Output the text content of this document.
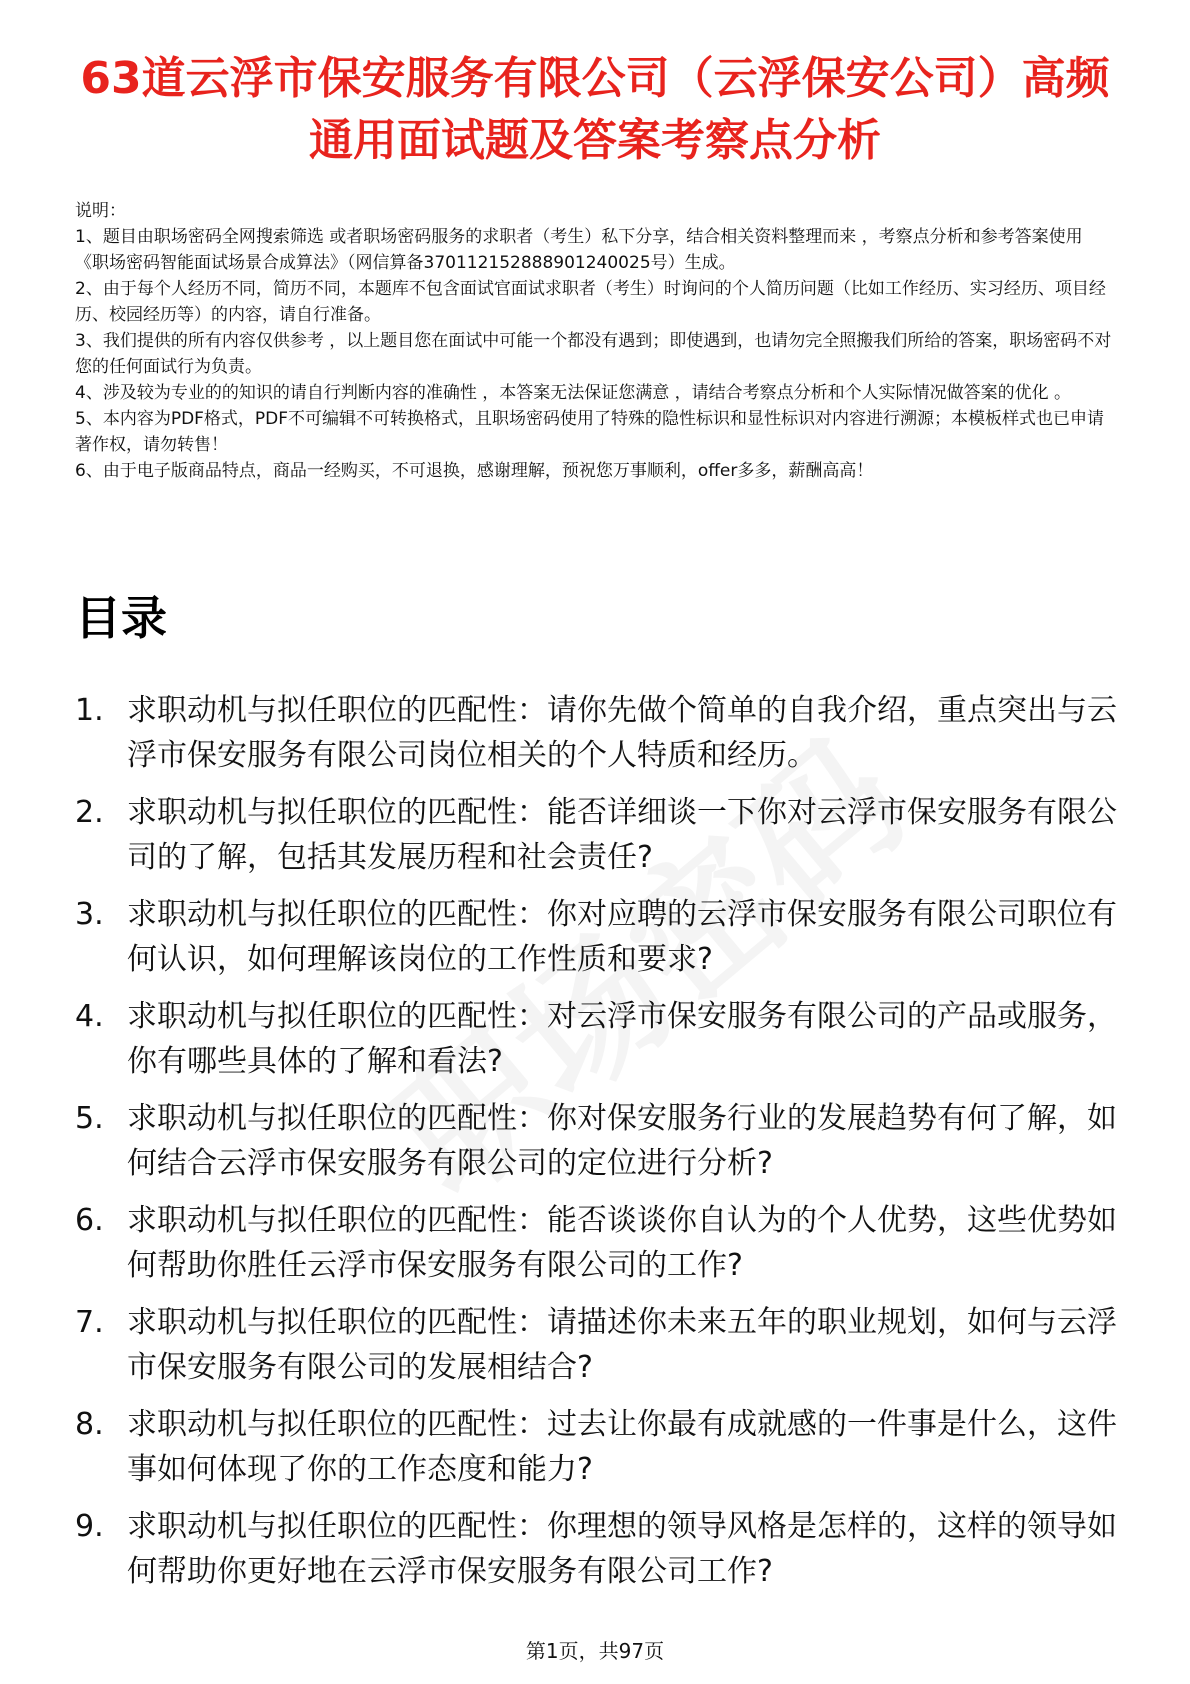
63道云浮市保安服务有限公司（云浮保安公司）高频通用面试题及答案考察点分析

说明：

1、题目由职场密码全网搜索筛选 或者职场密码服务的求职者（考生）私下分享，结合相关资料整理而来 ，考察点分析和参考答案使用《职场密码智能面试场景合成算法》（网信算备370112152888901240025号）生成。

2、由于每个人经历不同，简历不同，本题库不包含面试官面试求职者（考生）时询问的个人简历问题（比如工作经历、实习经历、项目经历、校园经历等）的内容，请自行准备。

3、我们提供的所有内容仅供参考 ，以上题目您在面试中可能一个都没有遇到；即使遇到，也请勿完全照搬我们所给的答案，职场密码不对您的任何面试行为负责。

4、涉及较为专业的的知识的请自行判断内容的准确性 ，本答案无法保证您满意 ，请结合考察点分析和个人实际情况做答案的优化 。

5、本内容为PDF格式，PDF不可编辑不可转换格式，且职场密码使用了特殊的隐性标识和显性标识对内容进行溯源；本模板样式也已申请著作权，请勿转售！

6、由于电子版商品特点，商品一经购买，不可退换，感谢理解，预祝您万事顺利，offer多多，薪酬高高！

目录
1. 求职动机与拟任职位的匹配性：请你先做个简单的自我介绍，重点突出与云浮市保安服务有限公司岗位相关的个人特质和经历。
2. 求职动机与拟任职位的匹配性：能否详细谈一下你对云浮市保安服务有限公司的了解，包括其发展历程和社会责任?
3. 求职动机与拟任职位的匹配性：你对应聘的云浮市保安服务有限公司职位有何认识，如何理解该岗位的工作性质和要求?
4. 求职动机与拟任职位的匹配性：对云浮市保安服务有限公司的产品或服务，你有哪些具体的了解和看法?
5. 求职动机与拟任职位的匹配性：你对保安服务行业的发展趋势有何了解，如何结合云浮市保安服务有限公司的定位进行分析?
6. 求职动机与拟任职位的匹配性：能否谈谈你自认为的个人优势，这些优势如何帮助你胜任云浮市保安服务有限公司的工作?
7. 求职动机与拟任职位的匹配性：请描述你未来五年的职业规划，如何与云浮市保安服务有限公司的发展相结合?
8. 求职动机与拟任职位的匹配性：过去让你最有成就感的一件事是什么，这件事如何体现了你的工作态度和能力?
9. 求职动机与拟任职位的匹配性：你理想的领导风格是怎样的，这样的领导如何帮助你更好地在云浮市保安服务有限公司工作?
第1页，共97页
